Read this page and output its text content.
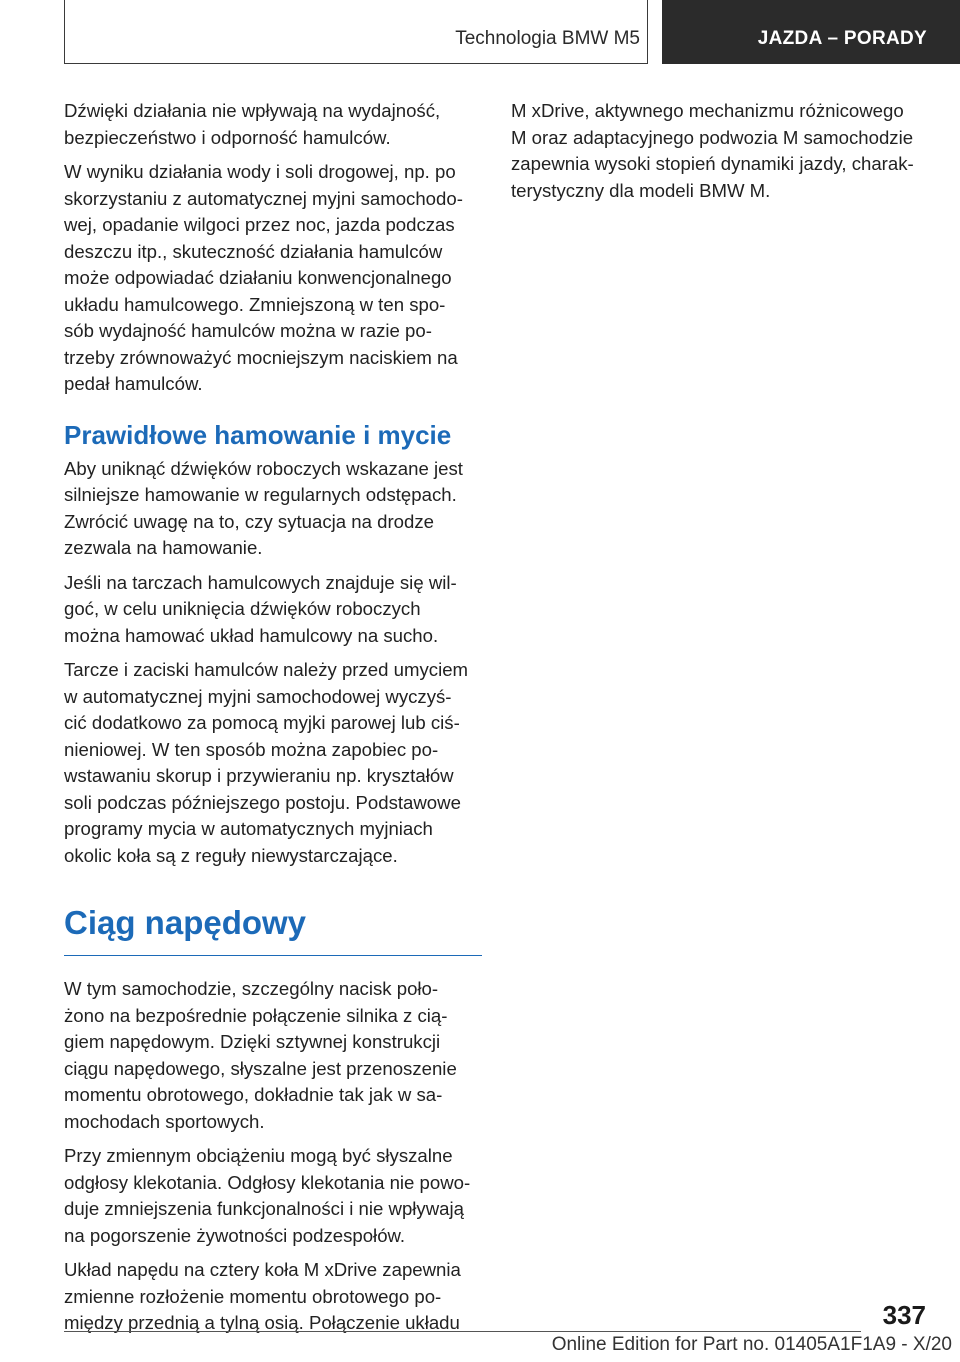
Technologia BMW M5	JAZDA – PORADY

Dźwięki działania nie wpływają na wydajność,
bezpieczeństwo i odporność hamulców.

W wyniku działania wody i soli drogowej, np. po
skorzystaniu z automatycznej myjni samochodo‐
wej, opadanie wilgoci przez noc, jazda podczas
deszczu itp., skuteczność działania hamulców
może odpowiadać działaniu konwencjonalnego
układu hamulcowego. Zmniejszoną w ten spo‐
sób wydajność hamulców można w razie po‐
trzeby zrównoważyć mocniejszym naciskiem na
pedał hamulców.

Prawidłowe hamowanie i mycie

Aby uniknąć dźwięków roboczych wskazane jest
silniejsze hamowanie w regularnych odstępach.
Zwrócić uwagę na to, czy sytuacja na drodze
zezwala na hamowanie.

Jeśli na tarczach hamulcowych znajduje się wil‐
goć, w celu uniknięcia dźwięków roboczych
można hamować układ hamulcowy na sucho.

Tarcze i zaciski hamulców należy przed umyciem
w automatycznej myjni samochodowej wyczyś‐
cić dodatkowo za pomocą myjki parowej lub ciś‐
nieniowej. W ten sposób można zapobiec po‐
wstawaniu skorup i przywieraniu np. kryształów
soli podczas późniejszego postoju. Podstawowe
programy mycia w automatycznych myjniach
okolic koła są z reguły niewystarczające.

Ciąg napędowy

W tym samochodzie, szczególny nacisk poło‐
żono na bezpośrednie połączenie silnika z cią‐
giem napędowym. Dzięki sztywnej konstrukcji
ciągu napędowego, słyszalne jest przenoszenie
momentu obrotowego, dokładnie tak jak w sa‐
mochodach sportowych.

Przy zmiennym obciążeniu mogą być słyszalne
odgłosy klekotania. Odgłosy klekotania nie powo‐
duje zmniejszenia funkcjonalności i nie wpływają
na pogorszenie żywotności podzespołów.

Układ napędu na cztery koła M xDrive zapewnia
zmienne rozłożenie momentu obrotowego po‐
między przednią a tylną osią. Połączenie układu

M xDrive, aktywnego mechanizmu różnicowego
M oraz adaptacyjnego podwozia M samochodzie
zapewnia wysoki stopień dynamiki jazdy, charak‐
terystyczny dla modeli BMW M.

337
Online Edition for Part no. 01405A1F1A9 - X/20
